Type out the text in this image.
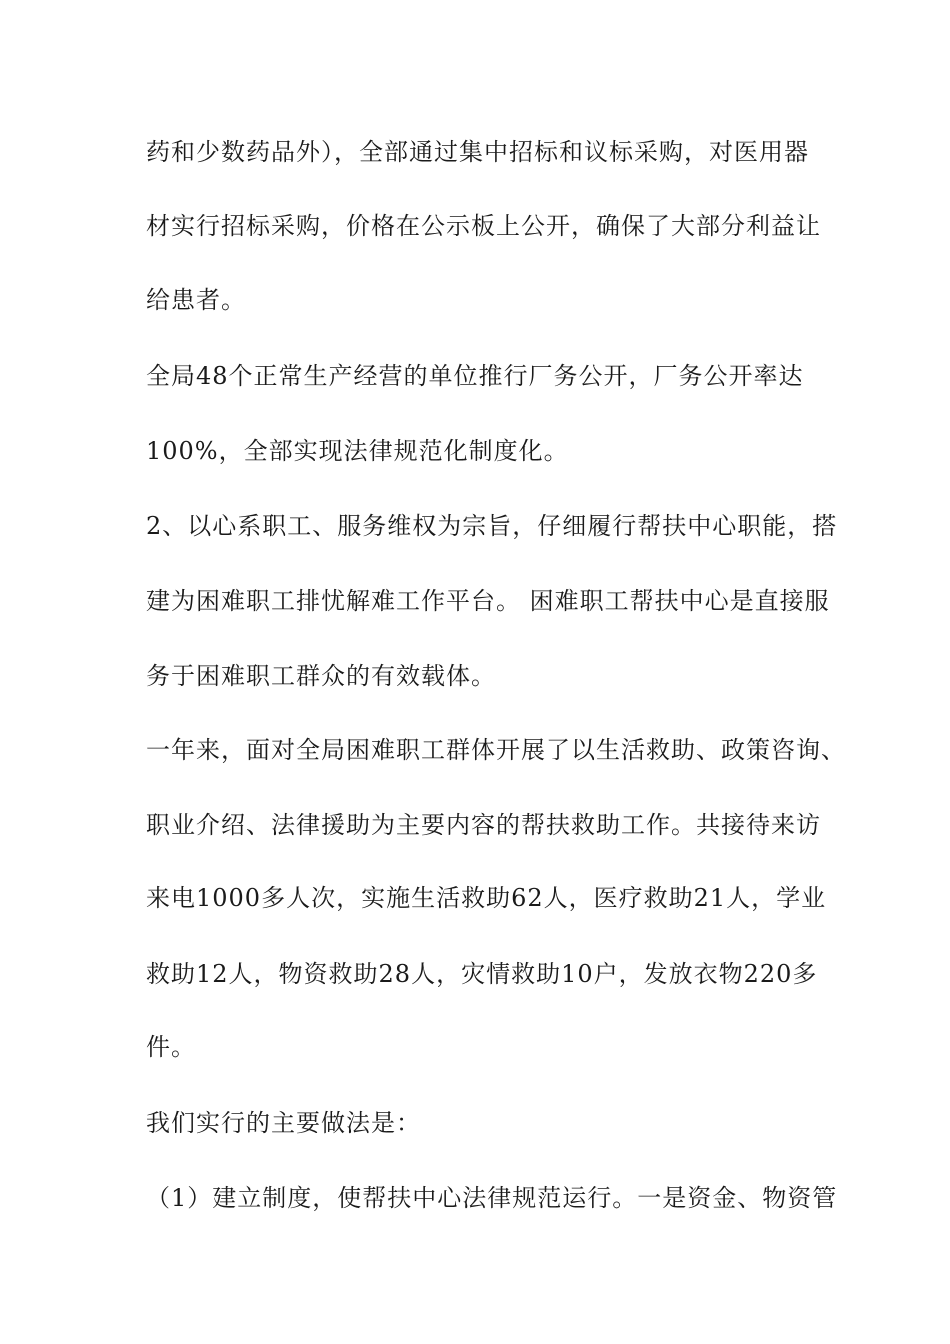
药和少数药品外），全部通过集中招标和议标采购，对医用器
材实行招标采购，价格在公示板上公开，确保了大部分利益让
给患者。
全局48个正常生产经营的单位推行厂务公开，厂务公开率达
100%，全部实现法律规范化制度化。
2、以心系职工、服务维权为宗旨，仔细履行帮扶中心职能，搭
建为困难职工排忧解难工作平台。 困难职工帮扶中心是直接服
务于困难职工群众的有效载体。
一年来，面对全局困难职工群体开展了以生活救助、政策咨询、
职业介绍、法律援助为主要内容的帮扶救助工作。共接待来访
来电1000多人次，实施生活救助62人，医疗救助21人，学业
救助12人，物资救助28人，灾情救助10户，发放衣物220多
件。
我们实行的主要做法是：
（1）建立制度，使帮扶中心法律规范运行。一是资金、物资管
